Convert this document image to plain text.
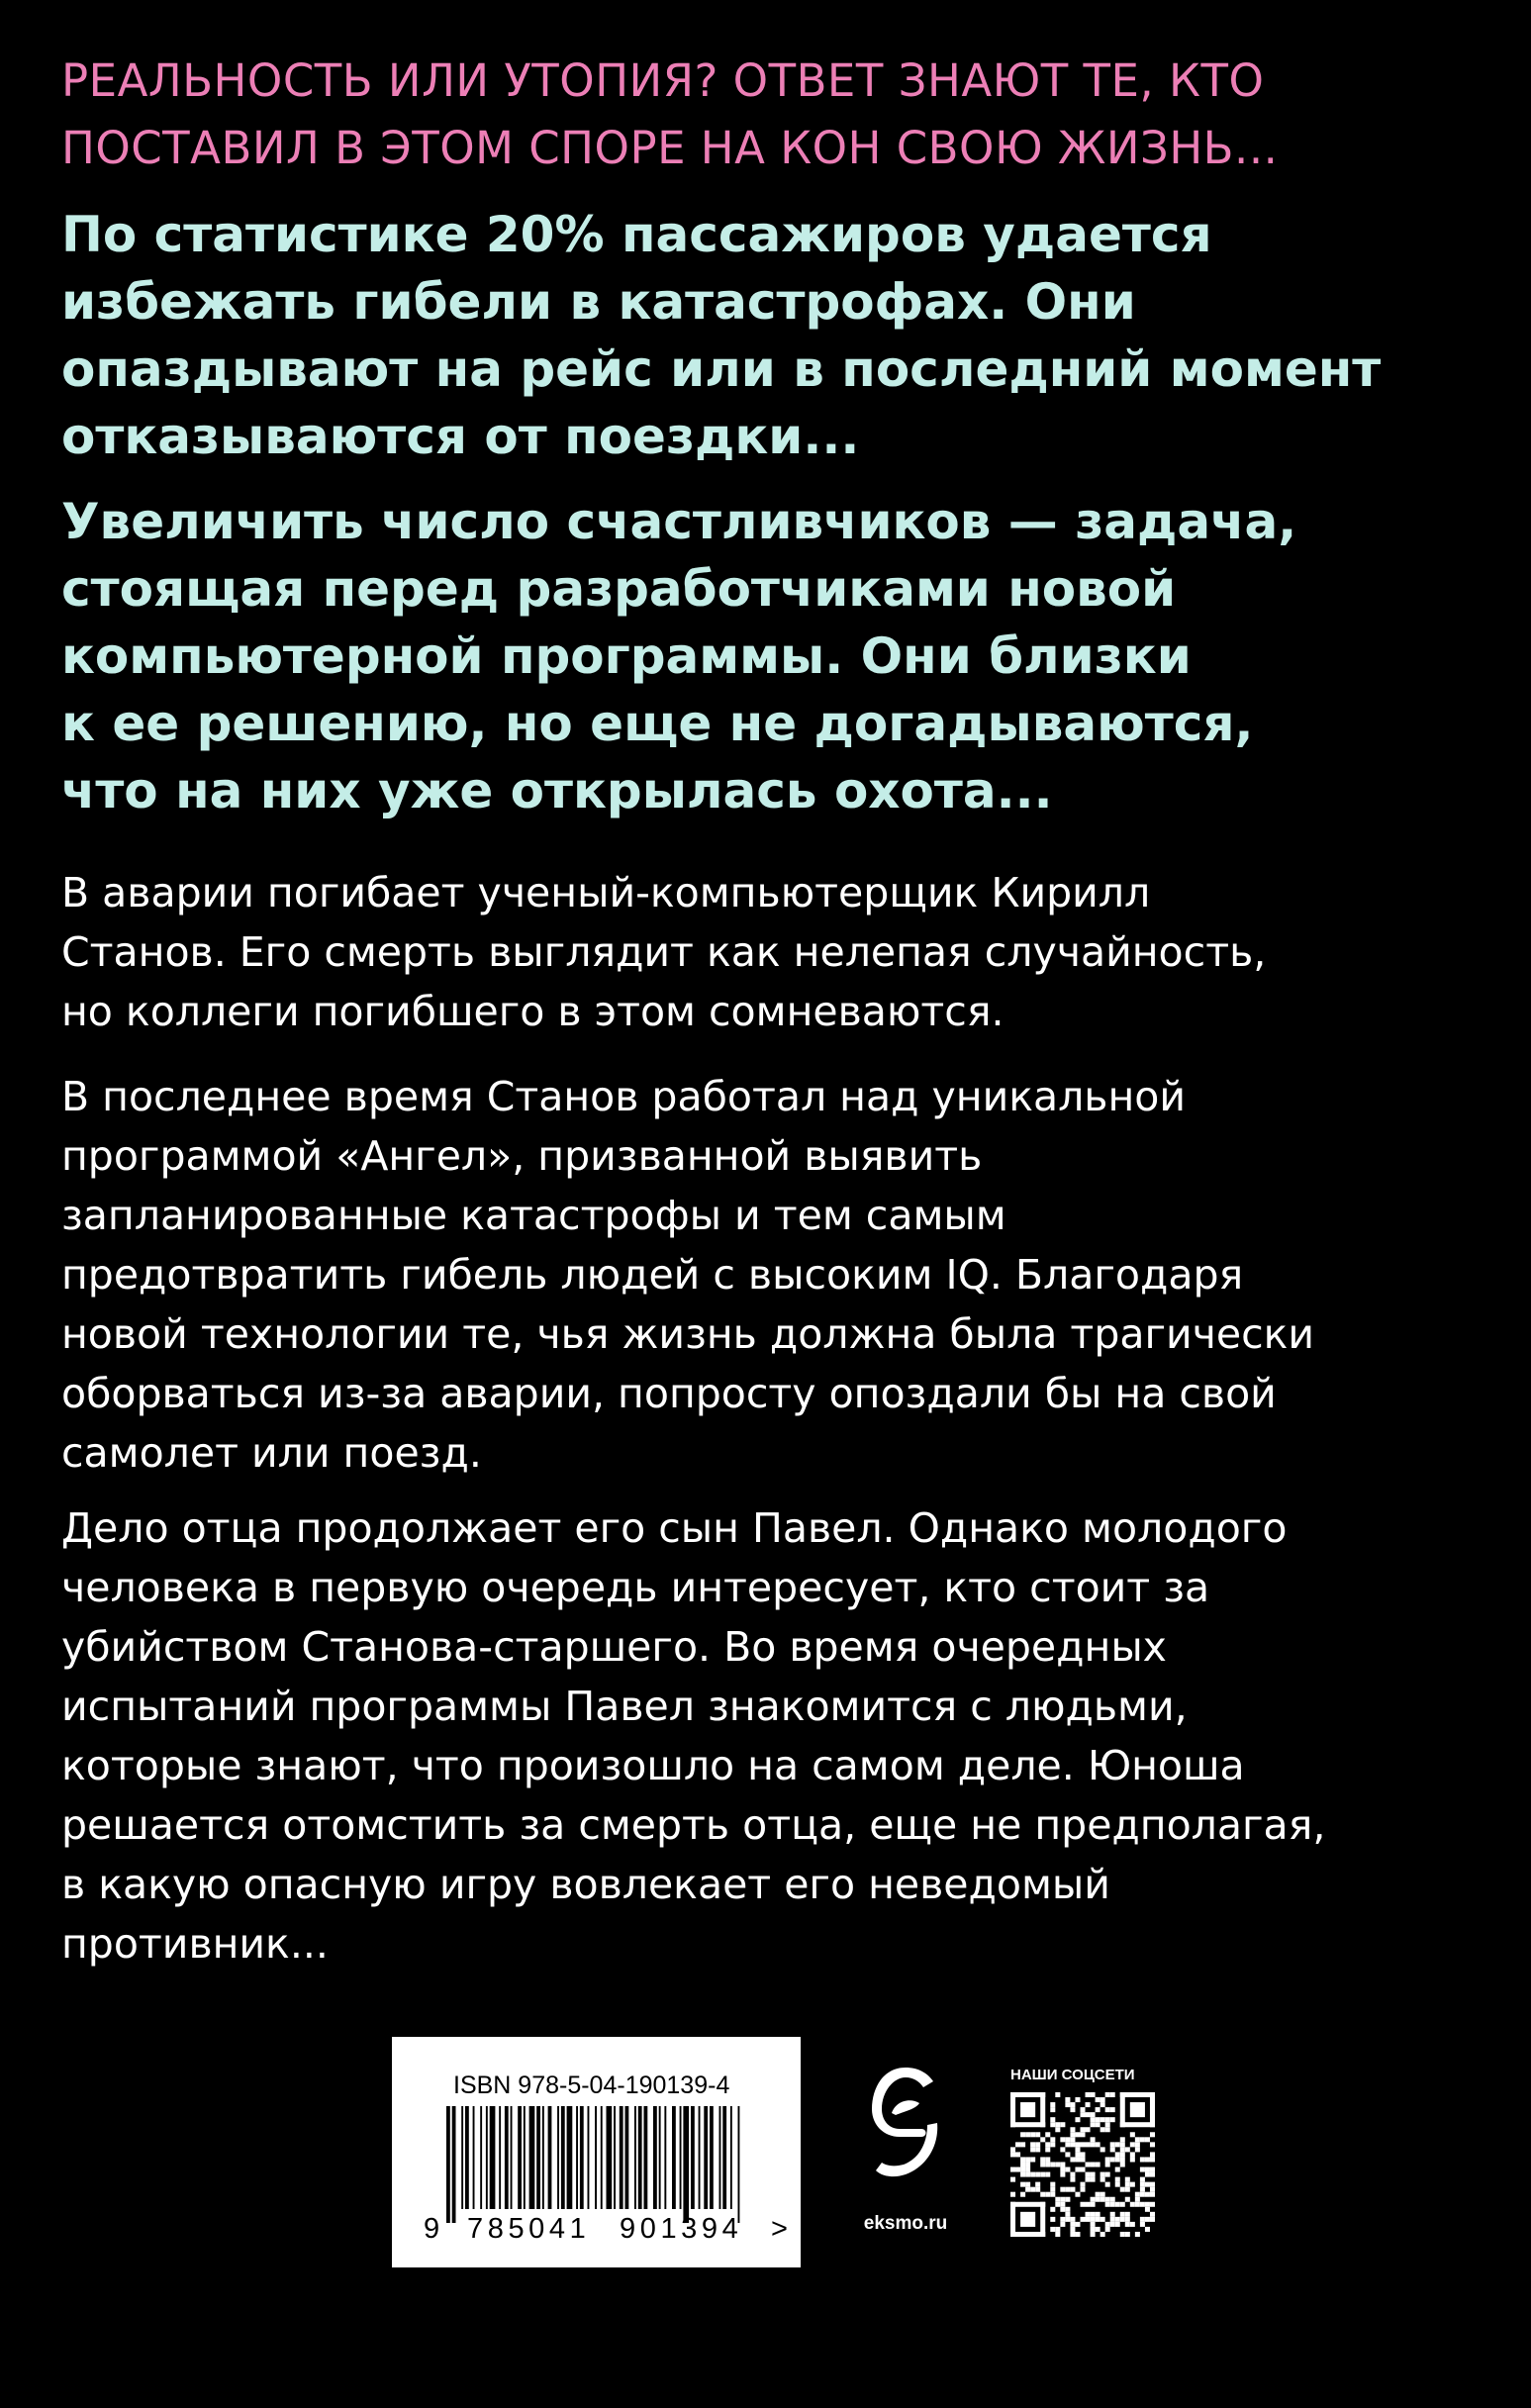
РЕАЛЬНОСТЬ ИЛИ УТОПИЯ? ОТВЕТ ЗНАЮТ ТЕ, КТО
ПОСТАВИЛ В ЭТОМ СПОРЕ НА КОН СВОЮ ЖИЗНЬ...

По статистике 20% пассажиров удается
избежать гибели в катастрофах. Они
опаздывают на рейс или в последний момент
отказываются от поездки...

Увеличить число счастливчиков — задача,
стоящая перед разработчиками новой
компьютерной программы. Они близки
к ее решению, но еще не догадываются,
что на них уже открылась охота...

В аварии погибает ученый-компьютерщик Кирилл
Станов. Его смерть выглядит как нелепая случайность,
но коллеги погибшего в этом сомневаются.

В последнее время Станов работал над уникальной
программой «Ангел», призванной выявить
запланированные катастрофы и тем самым
предотвратить гибель людей с высоким IQ. Благодаря
новой технологии те, чья жизнь должна была трагически
оборваться из-за аварии, попросту опоздали бы на свой
самолет или поезд.

Дело отца продолжает его сын Павел. Однако молодого
человека в первую очередь интересует, кто стоит за
убийством Станова-старшего. Во время очередных
испытаний программы Павел знакомится с людьми,
которые знают, что произошло на самом деле. Юноша
решается отомстить за смерть отца, еще не предполагая,
в какую опасную игру вовлекает его неведомый
противник...

ISBN 978-5-04-190139-4
9 785041 901394 >	eksmo.ru
НАШИ СОЦСЕТИ
